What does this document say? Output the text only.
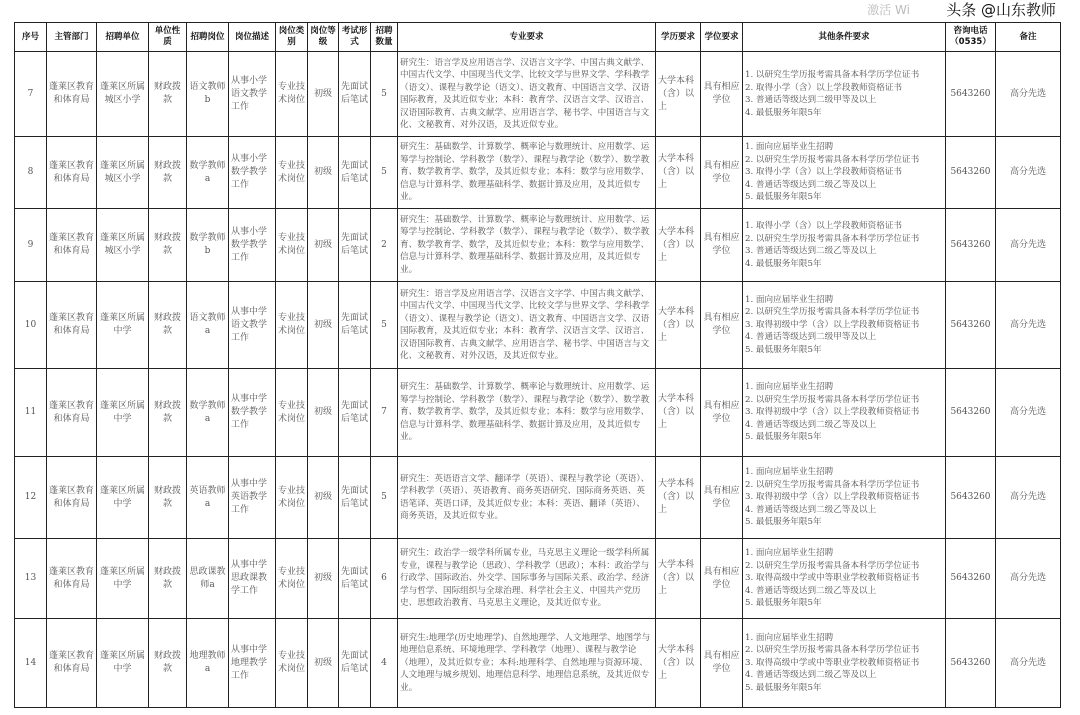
序号	主管部门	招聘单位	单位性质	招聘岗位	岗位描述	岗位类别	岗位等级	考试形式	招聘数量	专业要求	学历要求	学位要求	其他条件要求	咨询电话（0535）	备注
7	蓬莱区教育和体育局	蓬莱区所属城区小学	财政拨款	语文教师b	从事小学语文教学工作	专业技术岗位	初级	先面试后笔试	5	研究生：语言学及应用语言学、汉语言文字学、中国古典文献学、中国古代文学、中国现当代文学、比较文学与世界文学、学科教学（语文）、课程与教学论（语文）、语文教育、中国语言文学、汉语国际教育，及其近似专业；本科：教育学、汉语言文学、汉语言、汉语国际教育、古典文献学、应用语言学、秘书学、中国语言与文化、文秘教育、对外汉语，及其近似专业。	大学本科（含）以上	具有相应学位	1. 以研究生学历报考需具备本科学历学位证书
2. 取得小学（含）以上学段教师资格证书
3. 普通话等级达到二级甲等及以上
4. 最低服务年限5年	5643260	高分先选
8	蓬莱区教育和体育局	蓬莱区所属城区小学	财政拨款	数学教师a	从事小学数学教学工作	专业技术岗位	初级	先面试后笔试	5	研究生：基础数学、计算数学、概率论与数理统计、应用数学、运筹学与控制论、学科教学（数学）、课程与教学论（数学）、数学教育、数学教育学、数学，及其近似专业；本科：数学与应用数学、信息与计算科学、数理基础科学、数据计算及应用，及其近似专业。	大学本科（含）以上	具有相应学位	1. 面向应届毕业生招聘
2. 以研究生学历报考需具备本科学历学位证书
3. 取得小学（含）以上学段教师资格证书
4. 普通话等级达到二级乙等及以上
5. 最低服务年限5年	5643260	高分先选
9	蓬莱区教育和体育局	蓬莱区所属城区小学	财政拨款	数学教师b	从事小学数学教学工作	专业技术岗位	初级	先面试后笔试	2	研究生：基础数学、计算数学、概率论与数理统计、应用数学、运筹学与控制论、学科教学（数学）、课程与教学论（数学）、数学教育、数学教育学、数学，及其近似专业；本科：数学与应用数学、信息与计算科学、数理基础科学、数据计算及应用，及其近似专业。	大学本科（含）以上	具有相应学位	1. 取得小学（含）以上学段教师资格证书
2. 以研究生学历报考需具备本科学历学位证书
3. 普通话等级达到二级乙等及以上
4. 最低服务年限5年	5643260	高分先选
10	蓬莱区教育和体育局	蓬莱区所属中学	财政拨款	语文教师a	从事中学语文教学工作	专业技术岗位	初级	先面试后笔试	5	研究生：语言学及应用语言学、汉语言文字学、中国古典文献学、中国古代文学、中国现当代文学、比较文学与世界文学、学科教学（语文）、课程与教学论（语文）、语文教育、中国语言文学、汉语国际教育，及其近似专业；本科：教育学、汉语言文学、汉语言、汉语国际教育、古典文献学、应用语言学、秘书学、中国语言与文化、文秘教育、对外汉语，及其近似专业。	大学本科（含）以上	具有相应学位	1. 面向应届毕业生招聘
2. 以研究生学历报考需具备本科学历学位证书
3. 取得初级中学（含）以上学段教师资格证书
4. 普通话等级达到二级甲等及以上
5. 最低服务年限5年	5643260	高分先选
11	蓬莱区教育和体育局	蓬莱区所属中学	财政拨款	数学教师a	从事中学数学教学工作	专业技术岗位	初级	先面试后笔试	7	研究生：基础数学、计算数学、概率论与数理统计、应用数学、运筹学与控制论、学科教学（数学）、课程与教学论（数学）、数学教育、数学教育学、数学，及其近似专业；本科：数学与应用数学、信息与计算科学、数理基础科学、数据计算及应用，及其近似专业。	大学本科（含）以上	具有相应学位	1. 面向应届毕业生招聘
2. 以研究生学历报考需具备本科学历学位证书
3. 取得初级中学（含）以上学段教师资格证书
4. 普通话等级达到二级乙等及以上
5. 最低服务年限5年	5643260	高分先选
12	蓬莱区教育和体育局	蓬莱区所属中学	财政拨款	英语教师a	从事中学英语教学工作	专业技术岗位	初级	先面试后笔试	5	研究生：英语语言文学、翻译学（英语）、课程与教学论（英语）、学科教学（英语）、英语教育、商务英语研究、国际商务英语、英语笔译、英语口译，及其近似专业；本科：英语、翻译（英语）、商务英语，及其近似专业。	大学本科（含）以上	具有相应学位	1. 面向应届毕业生招聘
2. 以研究生学历报考需具备本科学历学位证书
3. 取得初级中学（含）以上学段教师资格证书
4. 普通话等级达到二级乙等及以上
5. 最低服务年限5年	5643260	高分先选
13	蓬莱区教育和体育局	蓬莱区所属中学	财政拨款	思政课教师a	从事中学思政课教学工作	专业技术岗位	初级	先面试后笔试	6	研究生：政治学一级学科所属专业，马克思主义理论一级学科所属专业，课程与教学论（思政）、学科教学（思政）；本科：政治学与行政学、国际政治、外交学、国际事务与国际关系、政治学、经济学与哲学、国际组织与全球治理、科学社会主义、中国共产党历史、思想政治教育、马克思主义理论，及其近似专业。	大学本科（含）以上	具有相应学位	1. 面向应届毕业生招聘
2. 以研究生学历报考需具备本科学历学位证书
3. 取得高级中学或中等职业学校教师资格证书
4. 普通话等级达到二级乙等及以上
5. 最低服务年限5年	5643260	高分先选
14	蓬莱区教育和体育局	蓬莱区所属中学	财政拨款	地理教师a	从事中学地理教学工作	专业技术岗位	初级	先面试后笔试	4	研究生:地理学(历史地理学)、自然地理学、人文地理学、地图学与地理信息系统、环境地理学、学科教学（地理）、课程与教学论（地理），及其近似专业；本科:地理科学、自然地理与资源环境、人文地理与城乡规划、地理信息科学、地理信息系统，及其近似专业。	大学本科（含）以上	具有相应学位	1. 面向应届毕业生招聘
2. 以研究生学历报考需具备本科学历学位证书
3. 取得高级中学或中等职业学校教师资格证书
4. 普通话等级达到二级乙等及以上
5. 最低服务年限5年	5643260	高分先选
头条 @山东教师
激活 Wi
